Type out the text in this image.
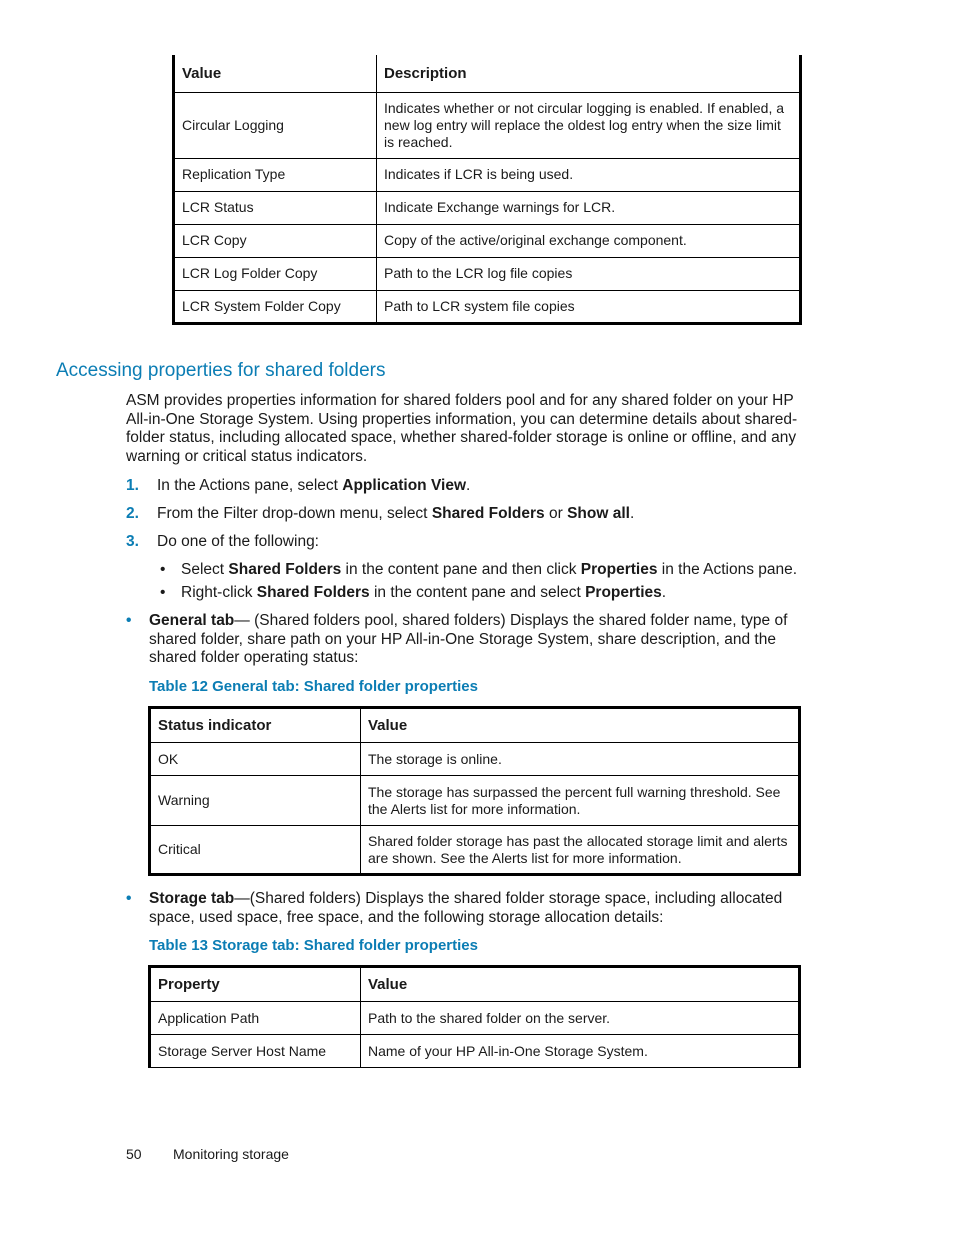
Value	Description
Circular Logging	Indicates whether or not circular logging is enabled. If enabled, a new log entry will replace the oldest log entry when the size limit is reached.
Replication Type	Indicates if LCR is being used.
LCR Status	Indicate Exchange warnings for LCR.
LCR Copy	Copy of the active/original exchange component.
LCR Log Folder Copy	Path to the LCR log file copies
LCR System Folder Copy	Path to LCR system file copies
Accessing properties for shared folders
ASM provides properties information for shared folders pool and for any shared folder on your HP All-in-One Storage System. Using properties information, you can determine details about shared-folder status, including allocated space, whether shared-folder storage is online or offline, and any warning or critical status indicators.
1. In the Actions pane, select Application View.
2. From the Filter drop-down menu, select Shared Folders or Show all.
3. Do one of the following:
• Select Shared Folders in the content pane and then click Properties in the Actions pane.
• Right-click Shared Folders in the content pane and select Properties.
• General tab— (Shared folders pool, shared folders) Displays the shared folder name, type of shared folder, share path on your HP All-in-One Storage System, share description, and the shared folder operating status:
Table 12 General tab: Shared folder properties
Status indicator	Value
OK	The storage is online.
Warning	The storage has surpassed the percent full warning threshold. See the Alerts list for more information.
Critical	Shared folder storage has past the allocated storage limit and alerts are shown. See the Alerts list for more information.
• Storage tab—(Shared folders) Displays the shared folder storage space, including allocated space, used space, free space, and the following storage allocation details:
Table 13 Storage tab: Shared folder properties
Property	Value
Application Path	Path to the shared folder on the server.
Storage Server Host Name	Name of your HP All-in-One Storage System.
50 Monitoring storage
